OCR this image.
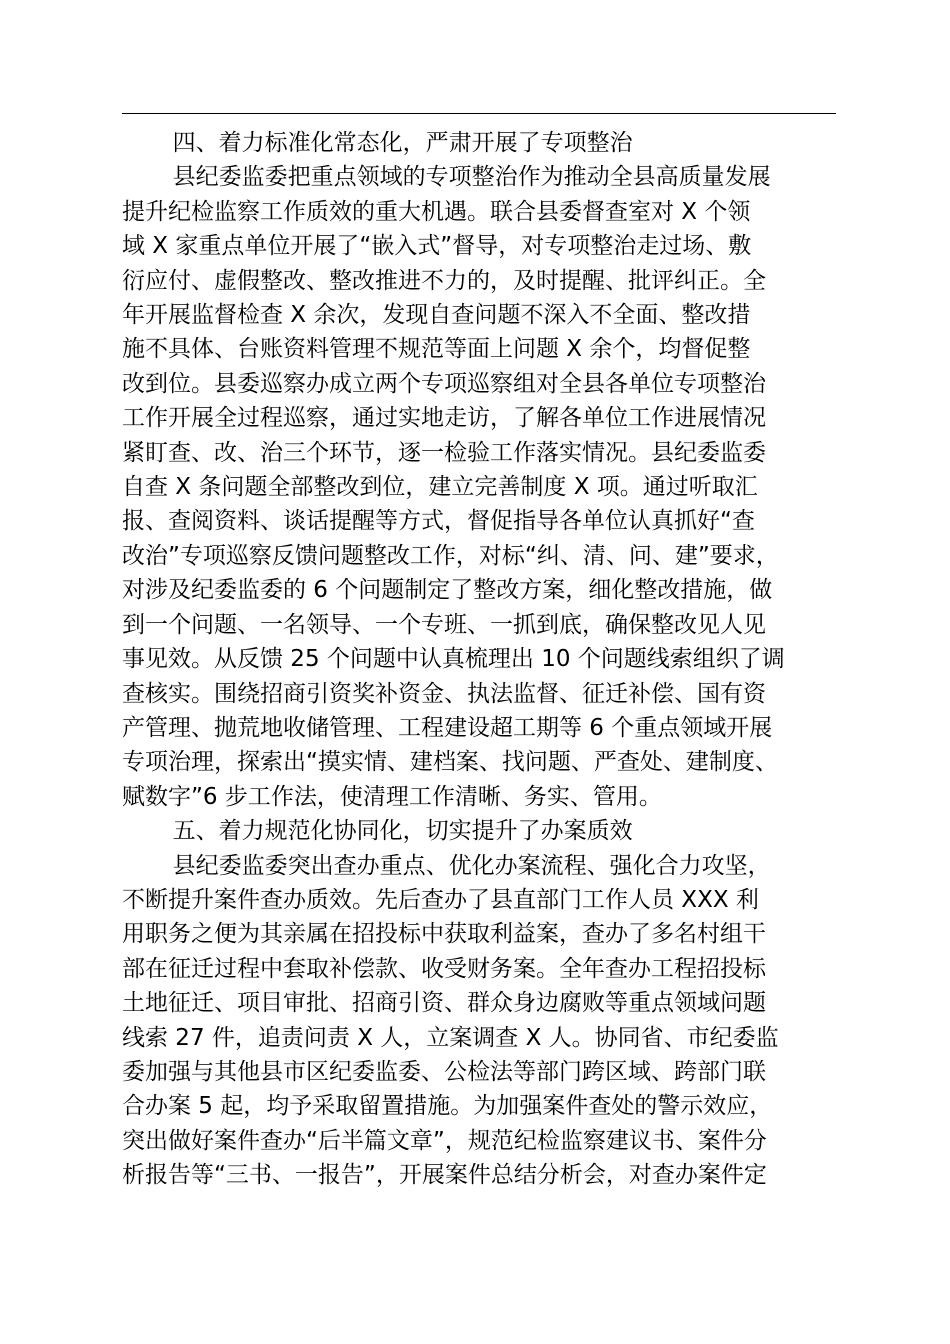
四、着力标准化常态化，严肃开展了专项整治

县纪委监委把重点领域的专项整治作为推动全县高质量发展
提升纪检监察工作质效的重大机遇。联合县委督查室对 X 个领
域 X 家重点单位开展了“嵌入式”督导，对专项整治走过场、敷
衍应付、虚假整改、整改推进不力的，及时提醒、批评纠正。全
年开展监督检查 X 余次，发现自查问题不深入不全面、整改措
施不具体、台账资料管理不规范等面上问题 X 余个，均督促整
改到位。县委巡察办成立两个专项巡察组对全县各单位专项整治
工作开展全过程巡察，通过实地走访，了解各单位工作进展情况
紧盯查、改、治三个环节，逐一检验工作落实情况。县纪委监委
自查 X 条问题全部整改到位，建立完善制度 X 项。通过听取汇
报、查阅资料、谈话提醒等方式，督促指导各单位认真抓好“查
改治”专项巡察反馈问题整改工作，对标“纠、清、问、建”要求，
对涉及纪委监委的 6 个问题制定了整改方案，细化整改措施，做
到一个问题、一名领导、一个专班、一抓到底，确保整改见人见
事见效。从反馈 25 个问题中认真梳理出 10 个问题线索组织了调
查核实。围绕招商引资奖补资金、执法监督、征迁补偿、国有资
产管理、抛荒地收储管理、工程建设超工期等 6 个重点领域开展
专项治理，探索出“摸实情、建档案、找问题、严查处、建制度、
赋数字”6 步工作法，使清理工作清晰、务实、管用。

五、着力规范化协同化，切实提升了办案质效

县纪委监委突出查办重点、优化办案流程、强化合力攻坚，
不断提升案件查办质效。先后查办了县直部门工作人员 XXX 利
用职务之便为其亲属在招投标中获取利益案，查办了多名村组干
部在征迁过程中套取补偿款、收受财务案。全年查办工程招投标
土地征迁、项目审批、招商引资、群众身边腐败等重点领域问题
线索 27 件，追责问责 X 人，立案调查 X 人。协同省、市纪委监
委加强与其他县市区纪委监委、公检法等部门跨区域、跨部门联
合办案 5 起，均予采取留置措施。为加强案件查处的警示效应，
突出做好案件查办“后半篇文章”，规范纪检监察建议书、案件分
析报告等“三书、一报告”，开展案件总结分析会，对查办案件定
